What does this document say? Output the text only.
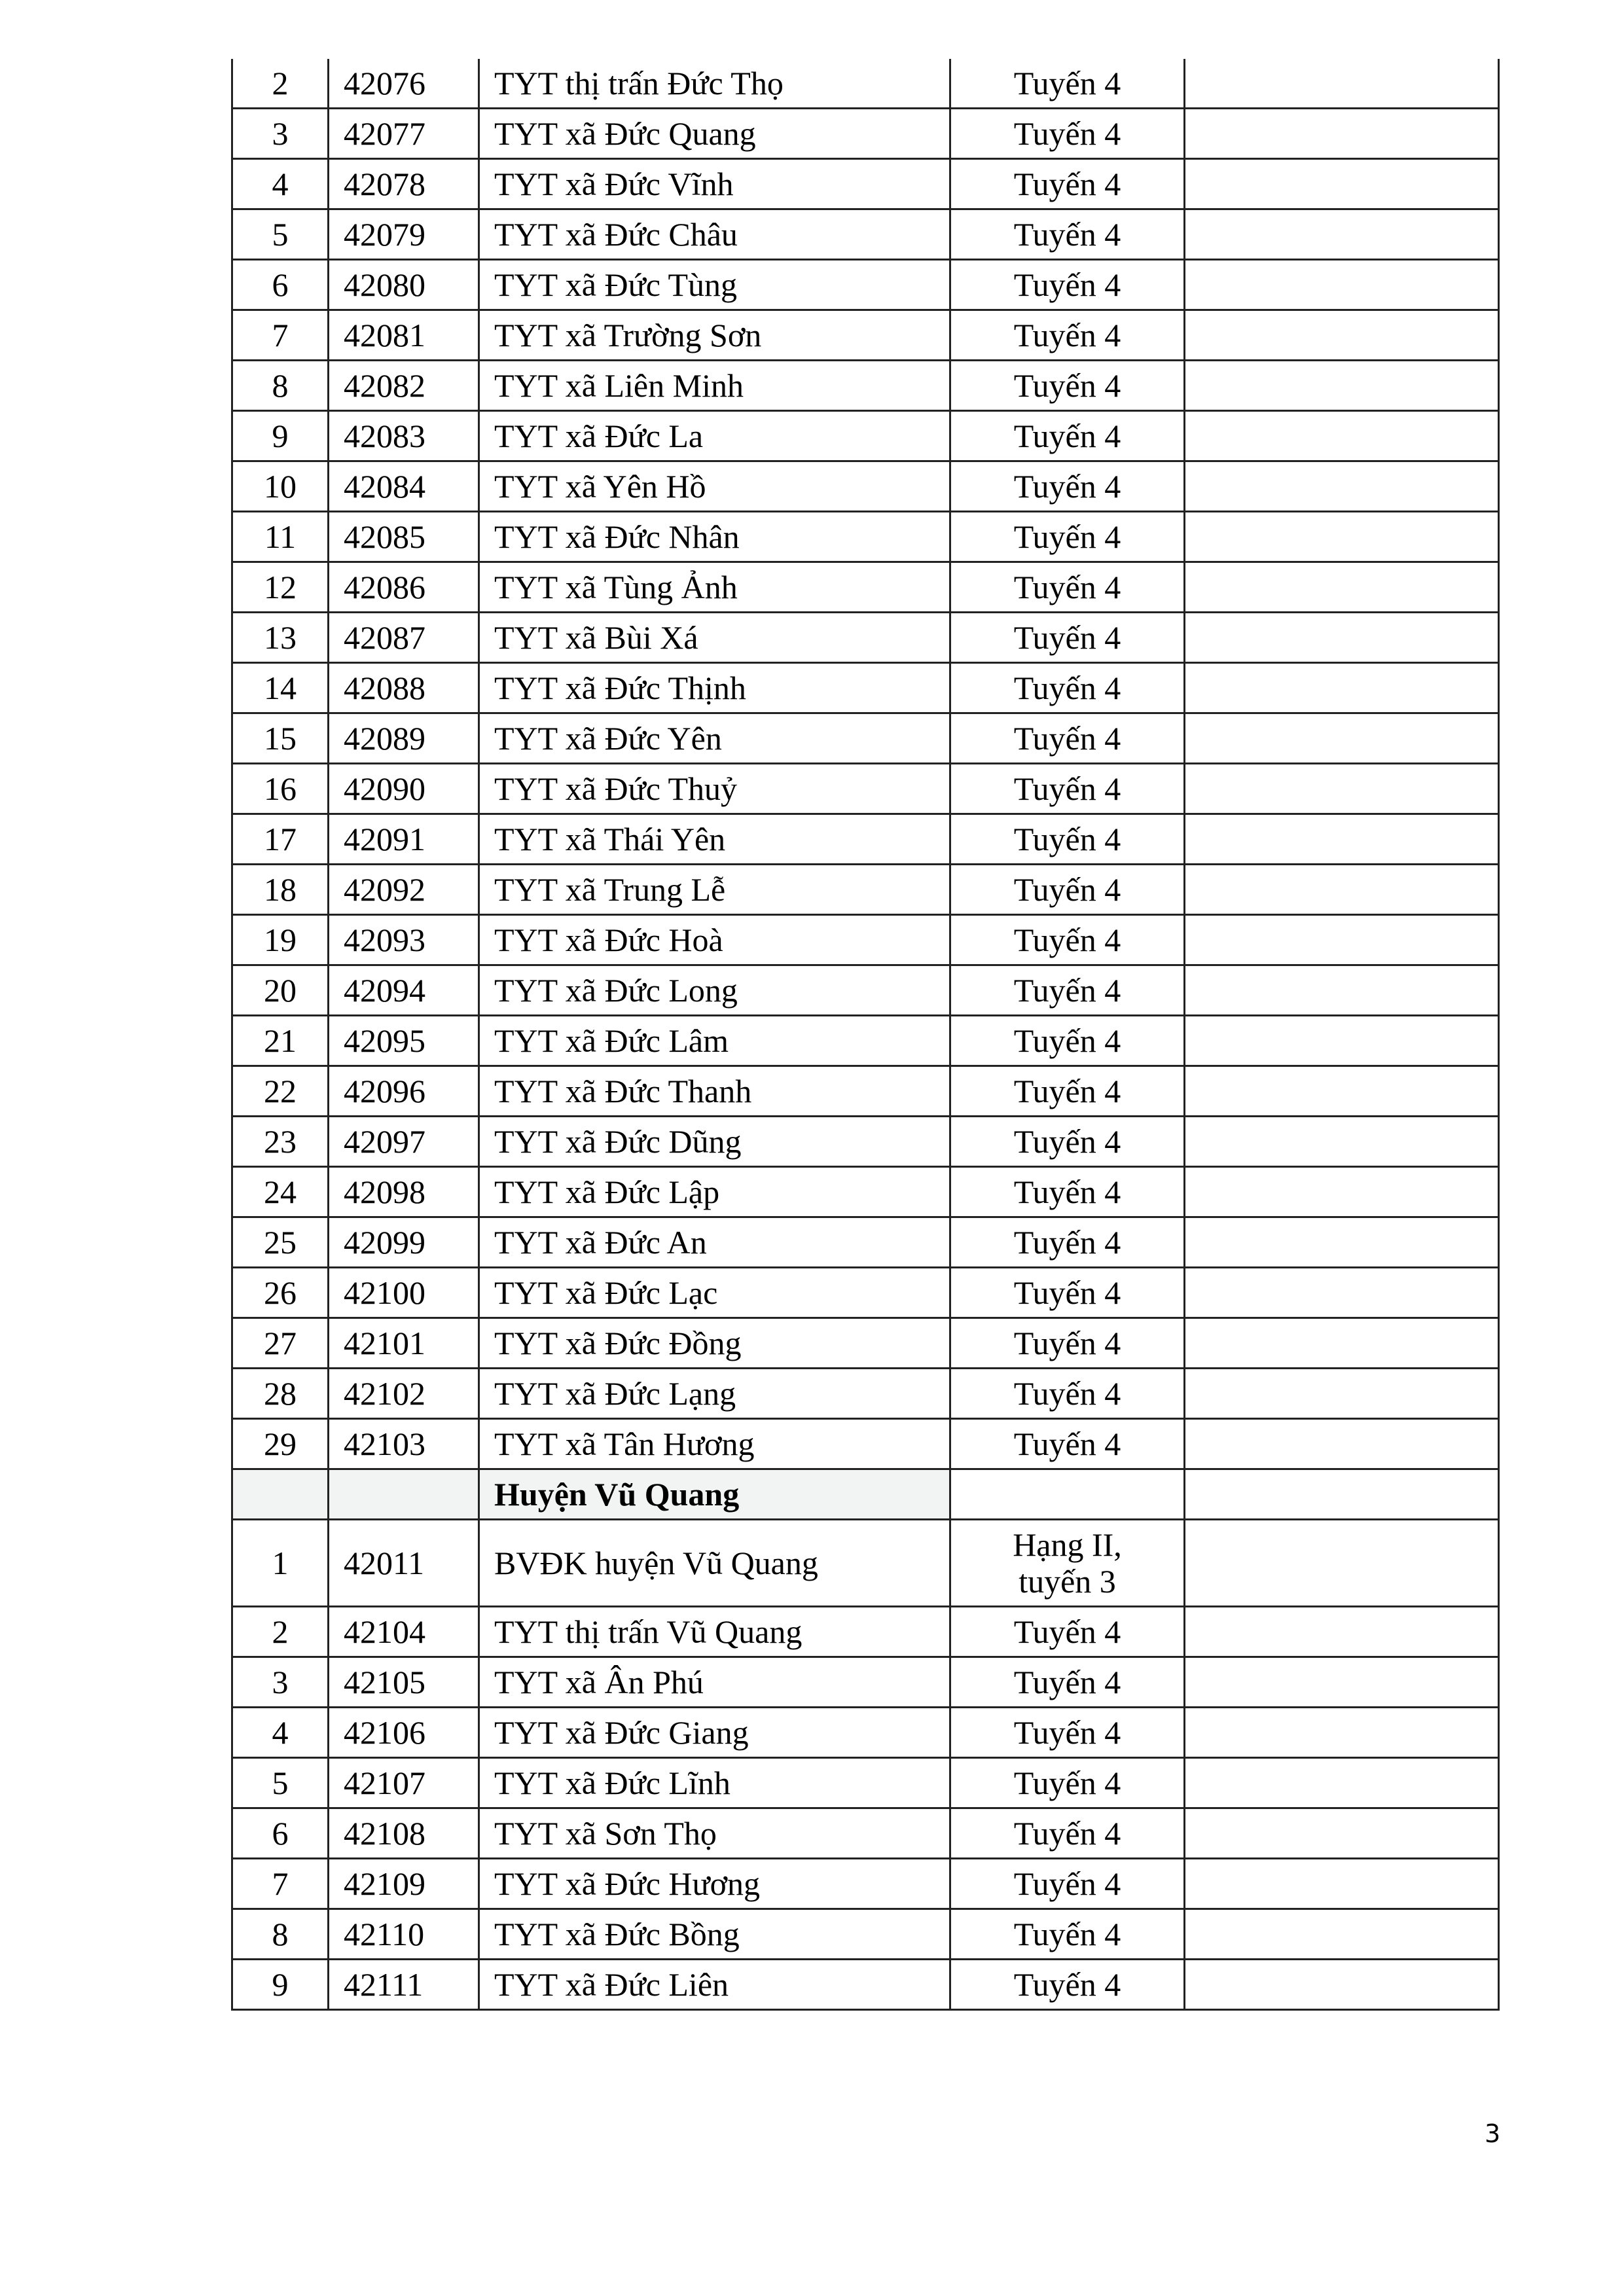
2	42076	TYT thị trấn Đức Thọ	Tuyến 4	
3	42077	TYT xã Đức Quang	Tuyến 4	
4	42078	TYT xã Đức Vĩnh	Tuyến 4	
5	42079	TYT xã Đức Châu	Tuyến 4	
6	42080	TYT xã Đức Tùng	Tuyến 4	
7	42081	TYT xã Trường Sơn	Tuyến 4	
8	42082	TYT xã Liên Minh	Tuyến 4	
9	42083	TYT xã Đức La	Tuyến 4	
10	42084	TYT xã Yên Hồ	Tuyến 4	
11	42085	TYT xã Đức Nhân	Tuyến 4	
12	42086	TYT xã Tùng Ảnh	Tuyến 4	
13	42087	TYT xã Bùi Xá	Tuyến 4	
14	42088	TYT xã Đức Thịnh	Tuyến 4	
15	42089	TYT xã Đức Yên	Tuyến 4	
16	42090	TYT xã Đức Thuỷ	Tuyến 4	
17	42091	TYT xã Thái Yên	Tuyến 4	
18	42092	TYT xã Trung Lễ	Tuyến 4	
19	42093	TYT xã Đức Hoà	Tuyến 4	
20	42094	TYT xã Đức Long	Tuyến 4	
21	42095	TYT xã Đức Lâm	Tuyến 4	
22	42096	TYT xã Đức Thanh	Tuyến 4	
23	42097	TYT xã Đức Dũng	Tuyến 4	
24	42098	TYT xã Đức Lập	Tuyến 4	
25	42099	TYT xã Đức An	Tuyến 4	
26	42100	TYT xã Đức Lạc	Tuyến 4	
27	42101	TYT xã Đức Đồng	Tuyến 4	
28	42102	TYT xã Đức Lạng	Tuyến 4	
29	42103	TYT xã Tân Hương	Tuyến 4	
		Huyện Vũ Quang		
1	42011	BVĐK huyện Vũ Quang	Hạng II,
tuyến 3	

2	42104	TYT thị trấn Vũ Quang	Tuyến 4	
3	42105	TYT xã Ân Phú	Tuyến 4	
4	42106	TYT xã Đức Giang	Tuyến 4	
5	42107	TYT xã Đức Lĩnh	Tuyến 4	
6	42108	TYT xã Sơn Thọ	Tuyến 4	
7	42109	TYT xã Đức Hương	Tuyến 4	
8	42110	TYT xã Đức Bồng	Tuyến 4	
9	42111	TYT xã Đức Liên	Tuyến 4	
3
